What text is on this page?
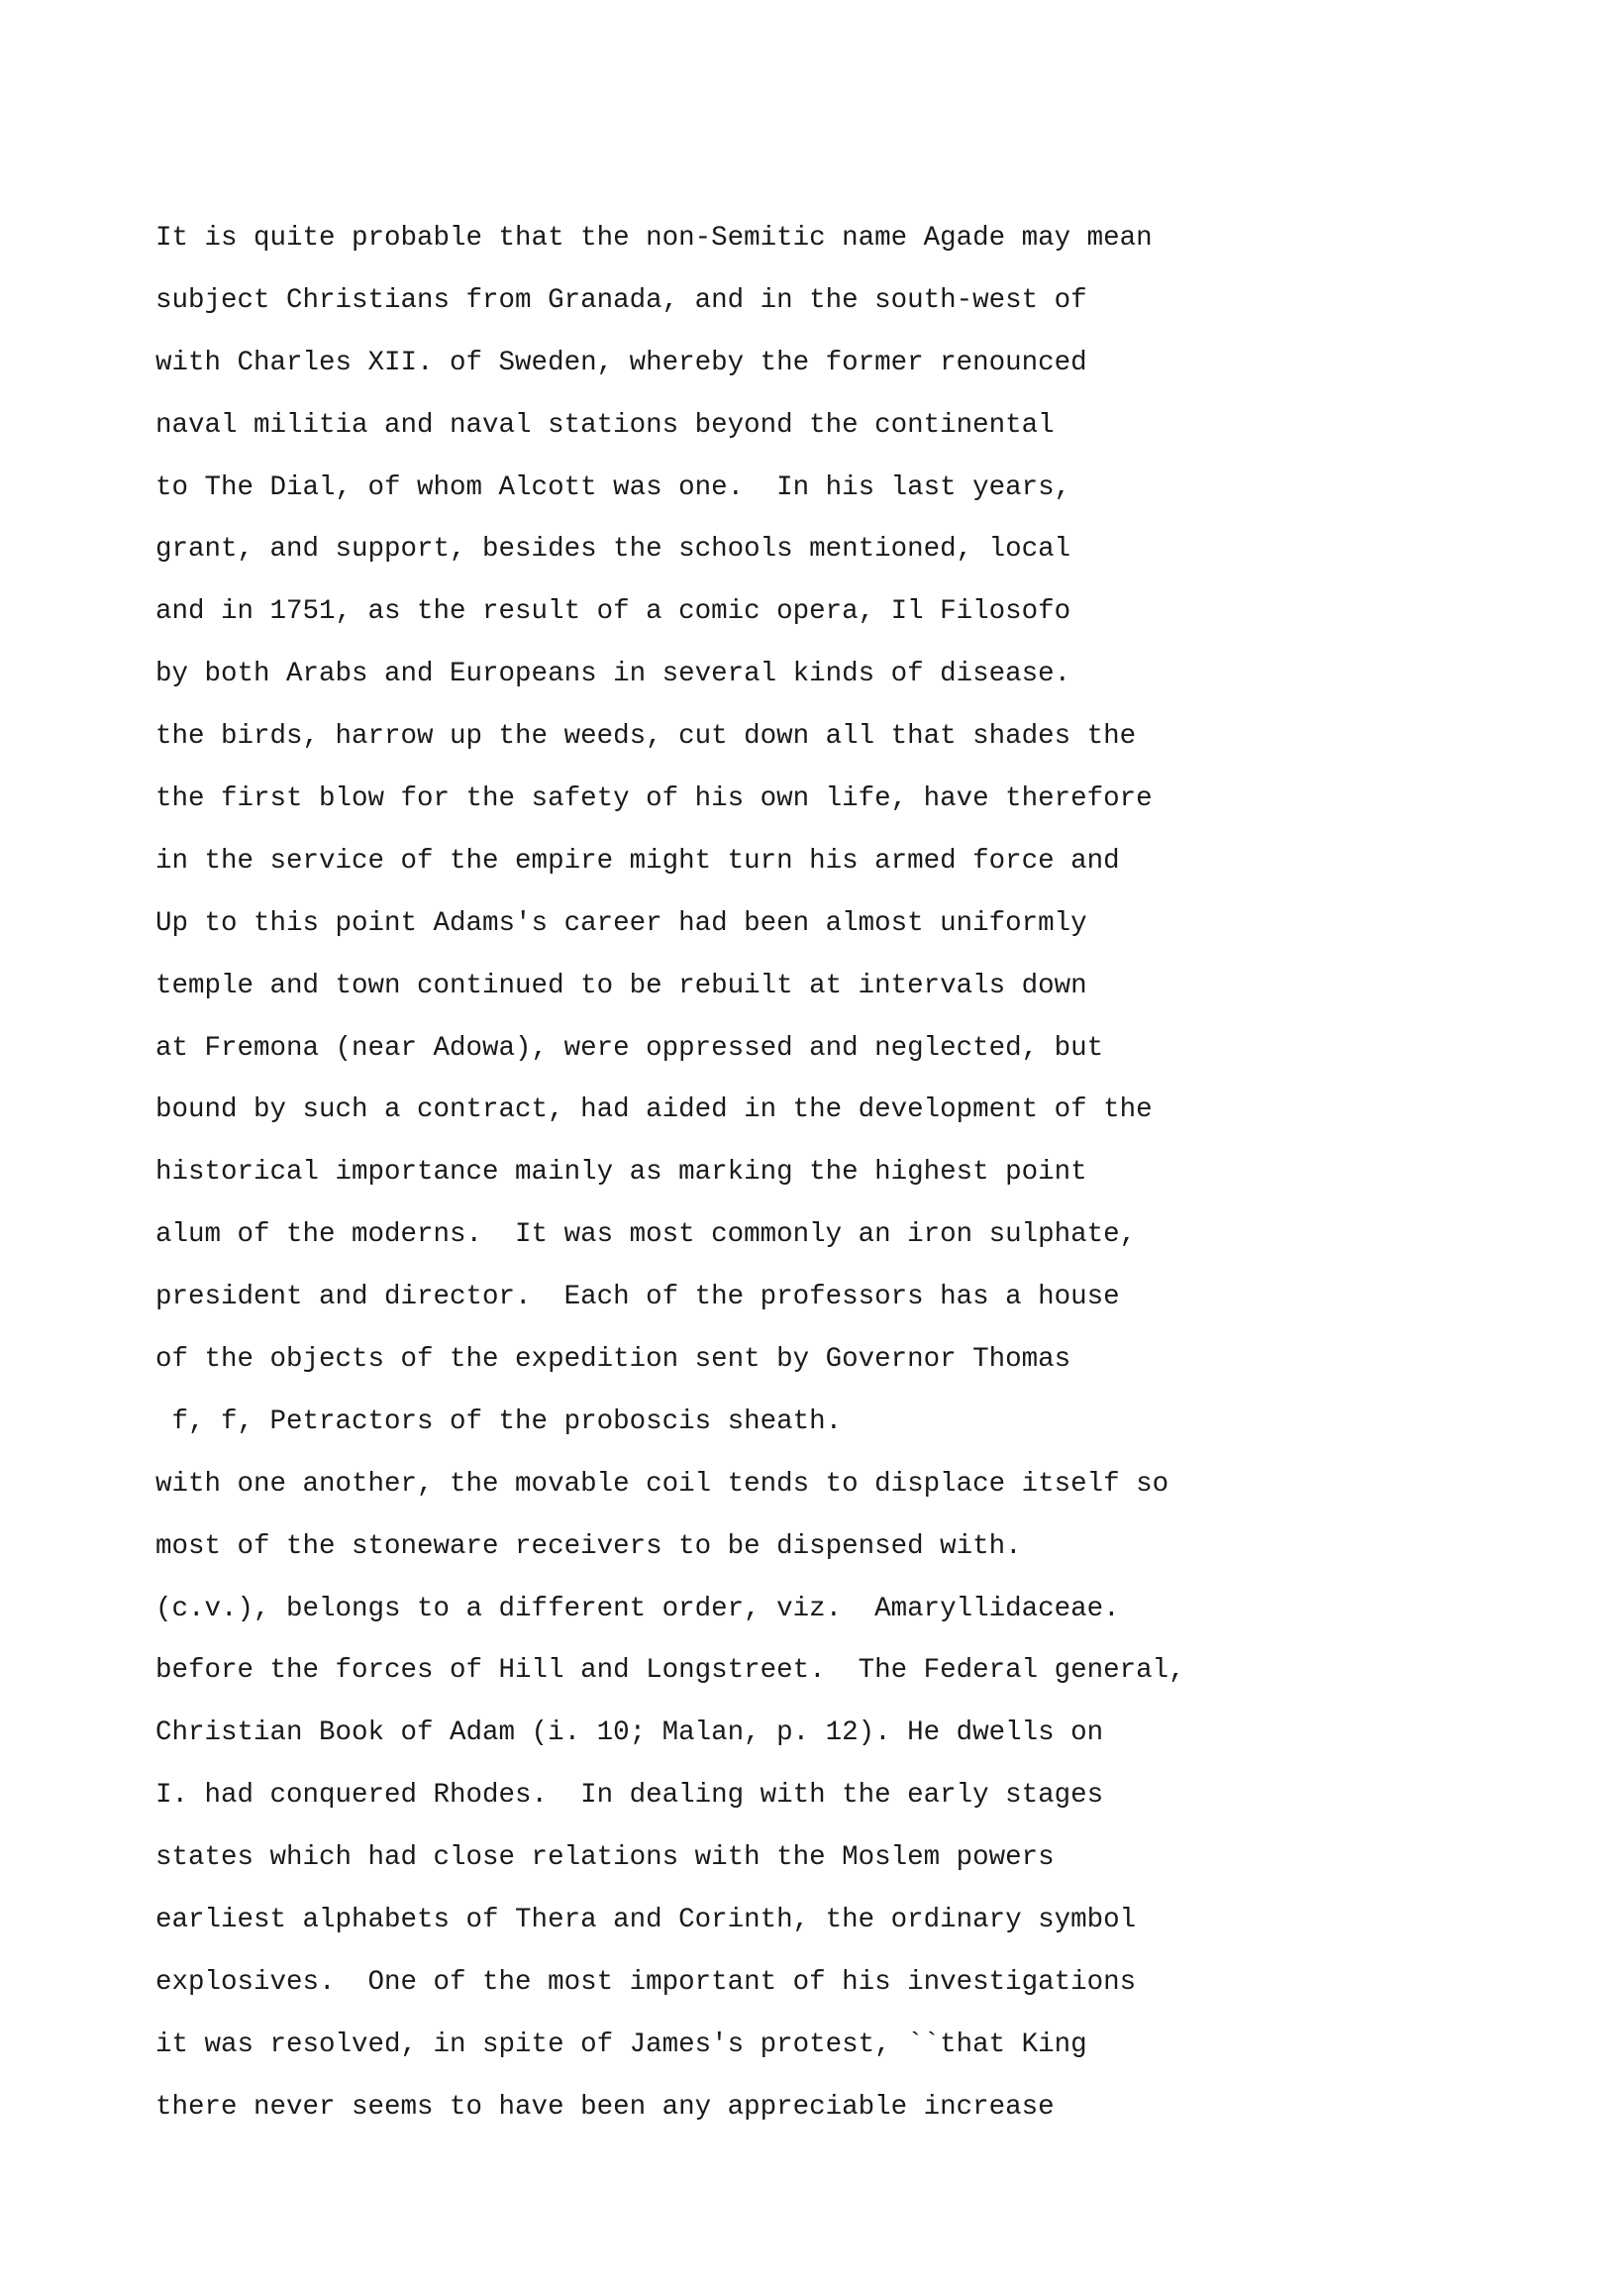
It is quite probable that the non-Semitic name Agade may mean

subject Christians from Granada, and in the south-west of

with Charles XII. of Sweden, whereby the former renounced

naval militia and naval stations beyond the continental

to The Dial, of whom Alcott was one.  In his last years,

grant, and support, besides the schools mentioned, local

and in 1751, as the result of a comic opera, Il Filosofo

by both Arabs and Europeans in several kinds of disease.

the birds, harrow up the weeds, cut down all that shades the

the first blow for the safety of his own life, have therefore

in the service of the empire might turn his armed force and

Up to this point Adams's career had been almost uniformly

temple and town continued to be rebuilt at intervals down

at Fremona (near Adowa), were oppressed and neglected, but

bound by such a contract, had aided in the development of the

historical importance mainly as marking the highest point

alum of the moderns.  It was most commonly an iron sulphate,

president and director.  Each of the professors has a house

of the objects of the expedition sent by Governor Thomas

f, f, Petractors of the proboscis sheath.

with one another, the movable coil tends to displace itself so

most of the stoneware receivers to be dispensed with.

(c.v.), belongs to a different order, viz.  Amaryllidaceae.

before the forces of Hill and Longstreet.  The Federal general,

Christian Book of Adam (i. 10; Malan, p. 12). He dwells on

I. had conquered Rhodes.  In dealing with the early stages

states which had close relations with the Moslem powers

earliest alphabets of Thera and Corinth, the ordinary symbol

explosives.  One of the most important of his investigations

it was resolved, in spite of James's protest, ``that King

there never seems to have been any appreciable increase
